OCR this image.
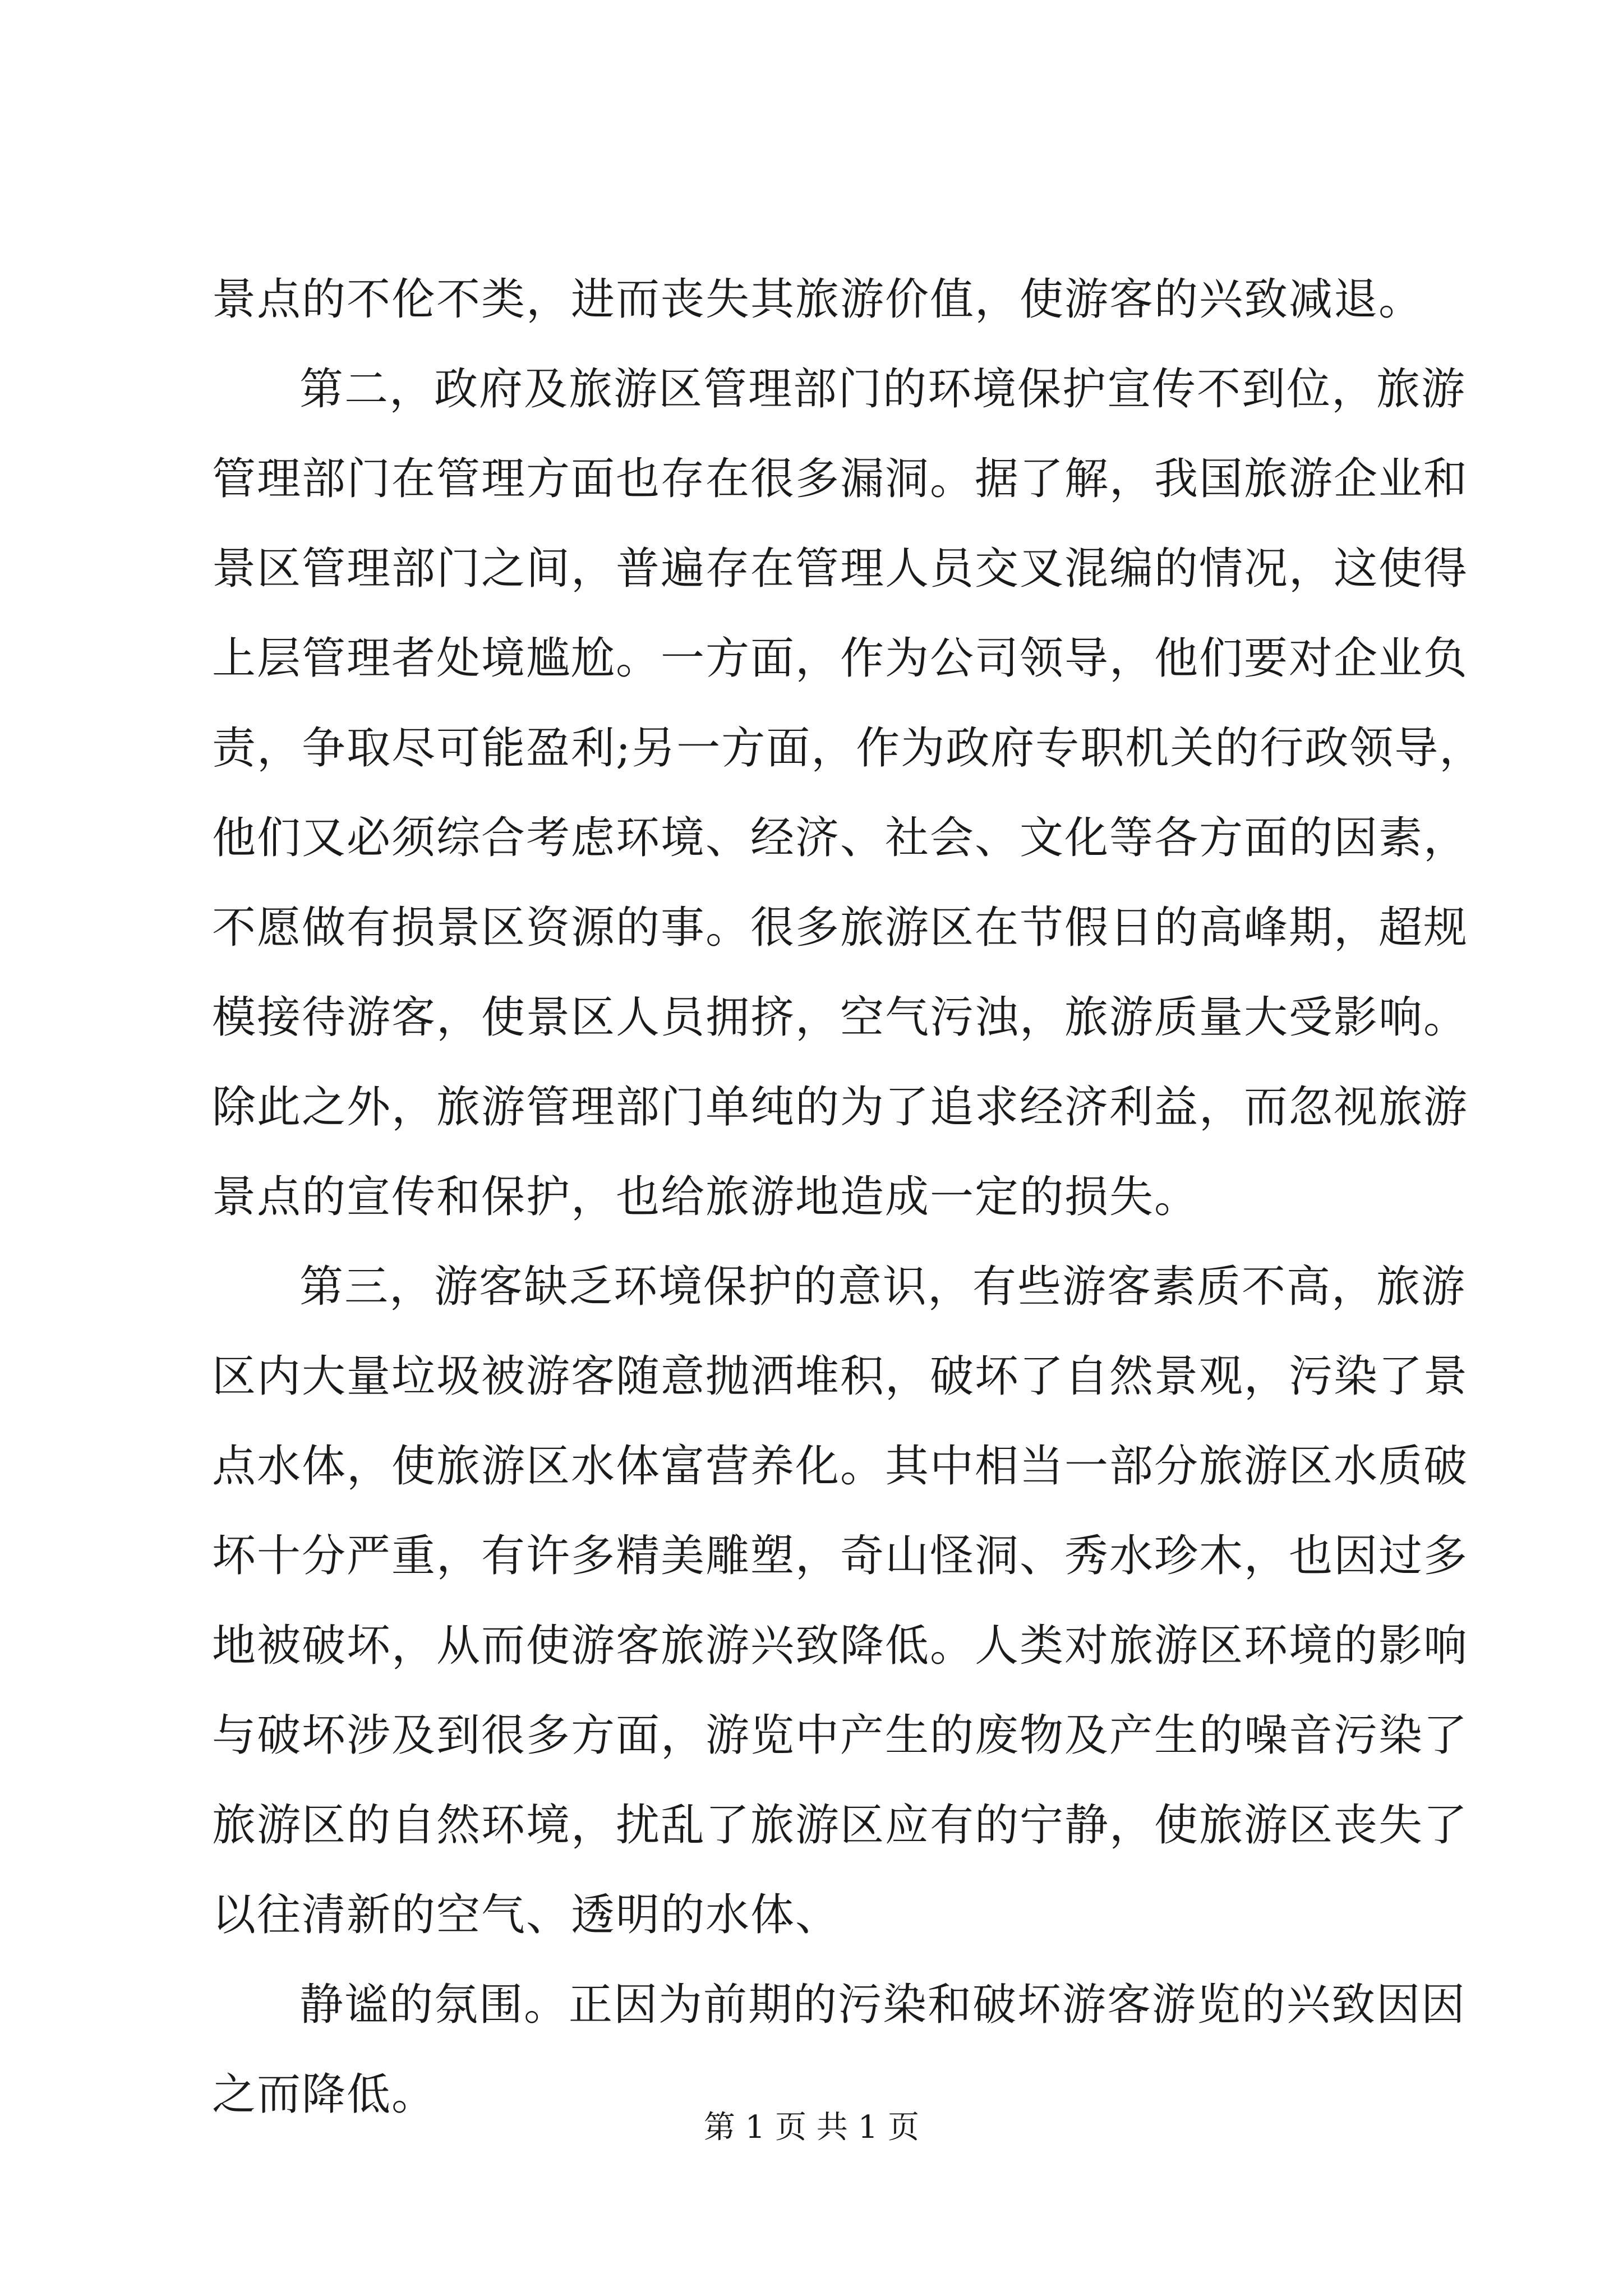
景点的不伦不类，进而丧失其旅游价值，使游客的兴致减退。
第二，政府及旅游区管理部门的环境保护宣传不到位，旅游
管理部门在管理方面也存在很多漏洞。据了解，我国旅游企业和
景区管理部门之间，普遍存在管理人员交叉混编的情况，这使得
上层管理者处境尴尬。一方面，作为公司领导，他们要对企业负
责，争取尽可能盈利;另一方面，作为政府专职机关的行政领导，
他们又必须综合考虑环境、经济、社会、文化等各方面的因素，
不愿做有损景区资源的事。很多旅游区在节假日的高峰期，超规
模接待游客，使景区人员拥挤，空气污浊，旅游质量大受影响。
除此之外，旅游管理部门单纯的为了追求经济利益，而忽视旅游
景点的宣传和保护，也给旅游地造成一定的损失。
第三，游客缺乏环境保护的意识，有些游客素质不高，旅游
区内大量垃圾被游客随意抛洒堆积，破坏了自然景观，污染了景
点水体，使旅游区水体富营养化。其中相当一部分旅游区水质破
坏十分严重，有许多精美雕塑，奇山怪洞、秀水珍木，也因过多
地被破坏，从而使游客旅游兴致降低。人类对旅游区环境的影响
与破坏涉及到很多方面，游览中产生的废物及产生的噪音污染了
旅游区的自然环境，扰乱了旅游区应有的宁静，使旅游区丧失了
以往清新的空气、透明的水体、
静谧的氛围。正因为前期的污染和破坏游客游览的兴致因因
之而降低。
第 1 页 共 1 页
